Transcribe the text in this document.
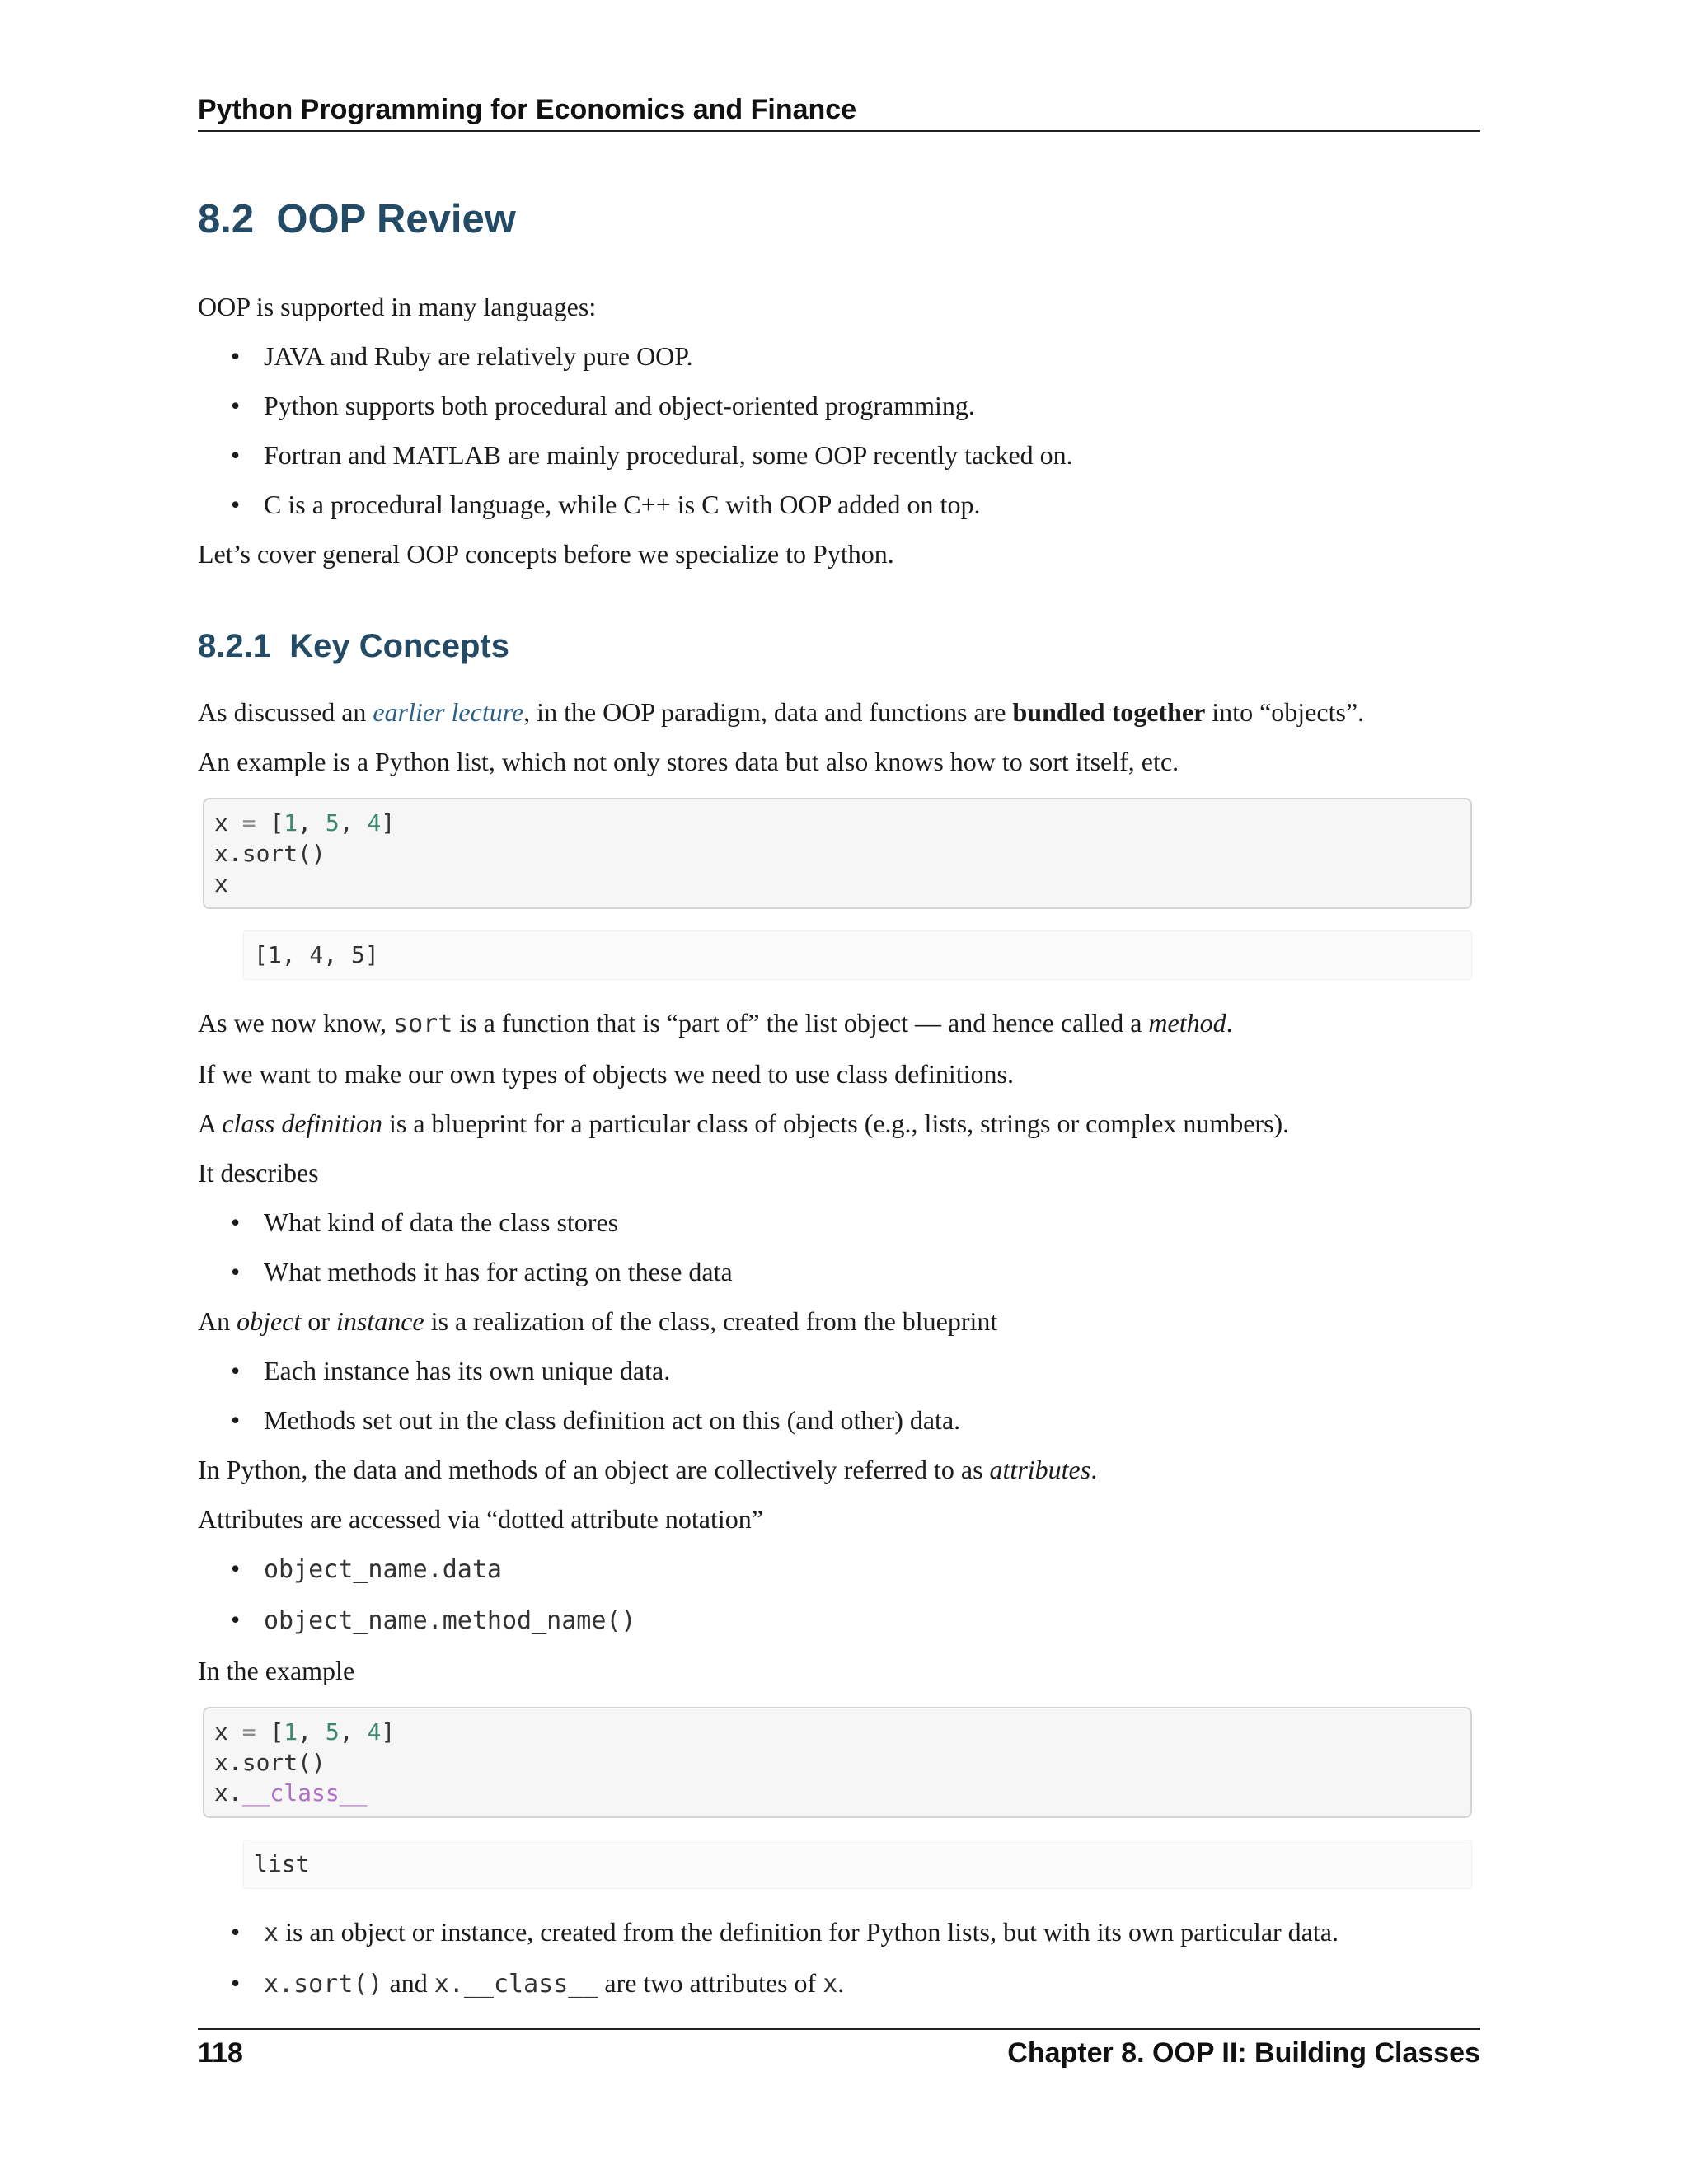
Python Programming for Economics and Finance
8.2 OOP Review

OOP is supported in many languages:

• JAVA and Ruby are relatively pure OOP.
• Python supports both procedural and object-oriented programming.
• Fortran and MATLAB are mainly procedural, some OOP recently tacked on.
• C is a procedural language, while C++ is C with OOP added on top.

Let’s cover general OOP concepts before we specialize to Python.

8.2.1 Key Concepts

As discussed an earlier lecture, in the OOP paradigm, data and functions are bundled together into “objects”.

An example is a Python list, which not only stores data but also knows how to sort itself, etc.

x = [1, 5, 4]
x.sort()
x
[1, 4, 5]

As we now know, sort is a function that is “part of” the list object — and hence called a method.

If we want to make our own types of objects we need to use class definitions.

A class definition is a blueprint for a particular class of objects (e.g., lists, strings or complex numbers).

It describes

• What kind of data the class stores
• What methods it has for acting on these data

An object or instance is a realization of the class, created from the blueprint

• Each instance has its own unique data.
• Methods set out in the class definition act on this (and other) data.

In Python, the data and methods of an object are collectively referred to as attributes.

Attributes are accessed via “dotted attribute notation”

• object_name.data
• object_name.method_name()

In the example

x = [1, 5, 4]
x.sort()
x.__class__
list
• x is an object or instance, created from the definition for Python lists, but with its own particular data.
• x.sort() and x.__class__ are two attributes of x.
118	Chapter 8. OOP II: Building Classes
